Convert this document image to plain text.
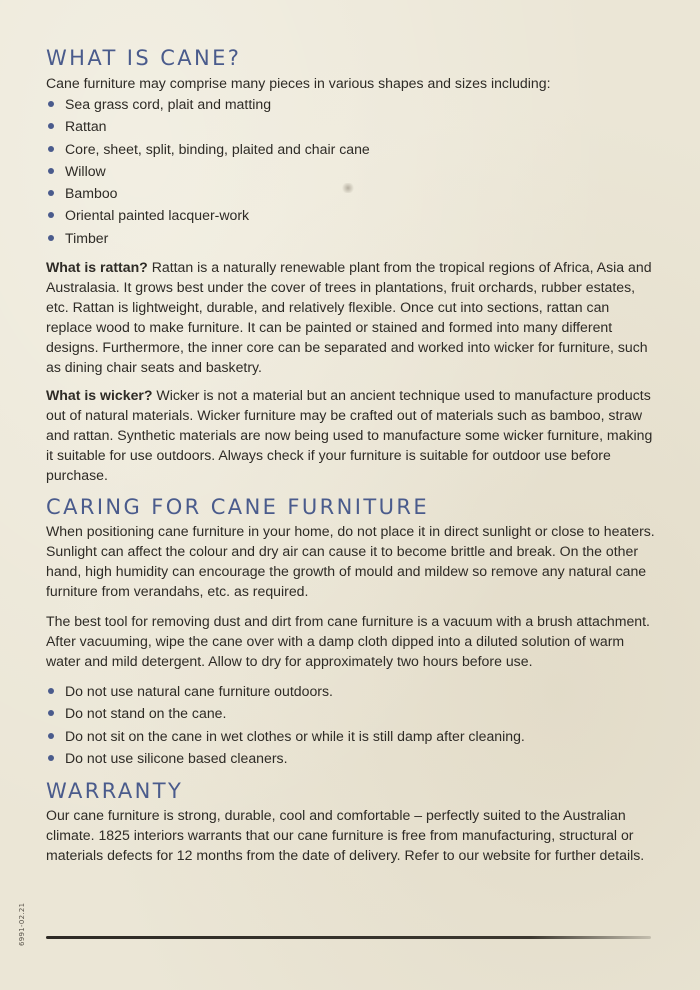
WHAT IS CANE?

Cane furniture may comprise many pieces in various shapes and sizes including:

Sea grass cord, plait and matting
Rattan
Core, sheet, split, binding, plaited and chair cane
Willow
Bamboo
Oriental painted lacquer-work
Timber

What is rattan? Rattan is a naturally renewable plant from the tropical regions of Africa, Asia and Australasia. It grows best under the cover of trees in plantations, fruit orchards, rubber estates, etc. Rattan is lightweight, durable, and relatively flexible. Once cut into sections, rattan can replace wood to make furniture. It can be painted or stained and formed into many different designs. Furthermore, the inner core can be separated and worked into wicker for furniture, such as dining chair seats and basketry.

What is wicker? Wicker is not a material but an ancient technique used to manufacture products out of natural materials. Wicker furniture may be crafted out of materials such as bamboo, straw and rattan. Synthetic materials are now being used to manufacture some wicker furniture, making it suitable for use outdoors. Always check if your furniture is suitable for outdoor use before purchase.

CARING FOR CANE FURNITURE

When positioning cane furniture in your home, do not place it in direct sunlight or close to heaters. Sunlight can affect the colour and dry air can cause it to become brittle and break. On the other hand, high humidity can encourage the growth of mould and mildew so remove any natural cane furniture from verandahs, etc. as required.

The best tool for removing dust and dirt from cane furniture is a vacuum with a brush attachment. After vacuuming, wipe the cane over with a damp cloth dipped into a diluted solution of warm water and mild detergent. Allow to dry for approximately two hours before use.

Do not use natural cane furniture outdoors.
Do not stand on the cane.
Do not sit on the cane in wet clothes or while it is still damp after cleaning.
Do not use silicone based cleaners.
WARRANTY

Our cane furniture is strong, durable, cool and comfortable – perfectly suited to the Australian climate. 1825 interiors warrants that our cane furniture is free from manufacturing, structural or materials defects for 12 months from the date of delivery. Refer to our website for further details.

6991-02.21
